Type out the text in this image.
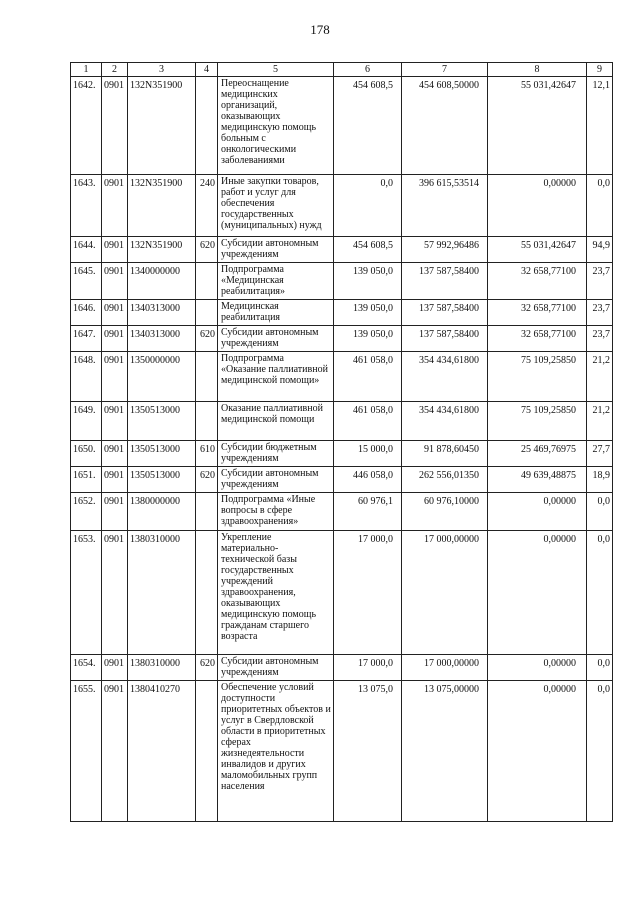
178
1	2	3	4	5	6	7	8	9
1642.	0901	132N351900		Переоснащение медицинских организаций, оказывающих медицинскую помощь больным с онкологическими заболеваниями	454 608,5	454 608,50000	55 031,42647	12,1
1643.	0901	132N351900	240	Иные закупки товаров, работ и услуг для обеспечения государственных (муниципальных) нужд	0,0	396 615,53514	0,00000	0,0
1644.	0901	132N351900	620	Субсидии автономным учреждениям	454 608,5	57 992,96486	55 031,42647	94,9
1645.	0901	1340000000		Подпрограмма «Медицинская реабилитация»	139 050,0	137 587,58400	32 658,77100	23,7
1646.	0901	1340313000		Медицинская реабилитация	139 050,0	137 587,58400	32 658,77100	23,7
1647.	0901	1340313000	620	Субсидии автономным учреждениям	139 050,0	137 587,58400	32 658,77100	23,7
1648.	0901	1350000000		Подпрограмма «Оказание паллиативной медицинской помощи»	461 058,0	354 434,61800	75 109,25850	21,2
1649.	0901	1350513000		Оказание паллиативной медицинской помощи	461 058,0	354 434,61800	75 109,25850	21,2
1650.	0901	1350513000	610	Субсидии бюджетным учреждениям	15 000,0	91 878,60450	25 469,76975	27,7
1651.	0901	1350513000	620	Субсидии автономным учреждениям	446 058,0	262 556,01350	49 639,48875	18,9
1652.	0901	1380000000		Подпрограмма «Иные вопросы в сфере здравоохранения»	60 976,1	60 976,10000	0,00000	0,0
1653.	0901	1380310000		Укрепление материально-технической базы государственных учреждений здравоохранения, оказывающих медицинскую помощь гражданам старшего возраста	17 000,0	17 000,00000	0,00000	0,0
1654.	0901	1380310000	620	Субсидии автономным учреждениям	17 000,0	17 000,00000	0,00000	0,0
1655.	0901	1380410270		Обеспечение условий доступности приоритетных объектов и услуг в Свердловской области в приоритетных сферах жизнедеятельности инвалидов и других маломобильных групп населения	13 075,0	13 075,00000	0,00000	0,0
